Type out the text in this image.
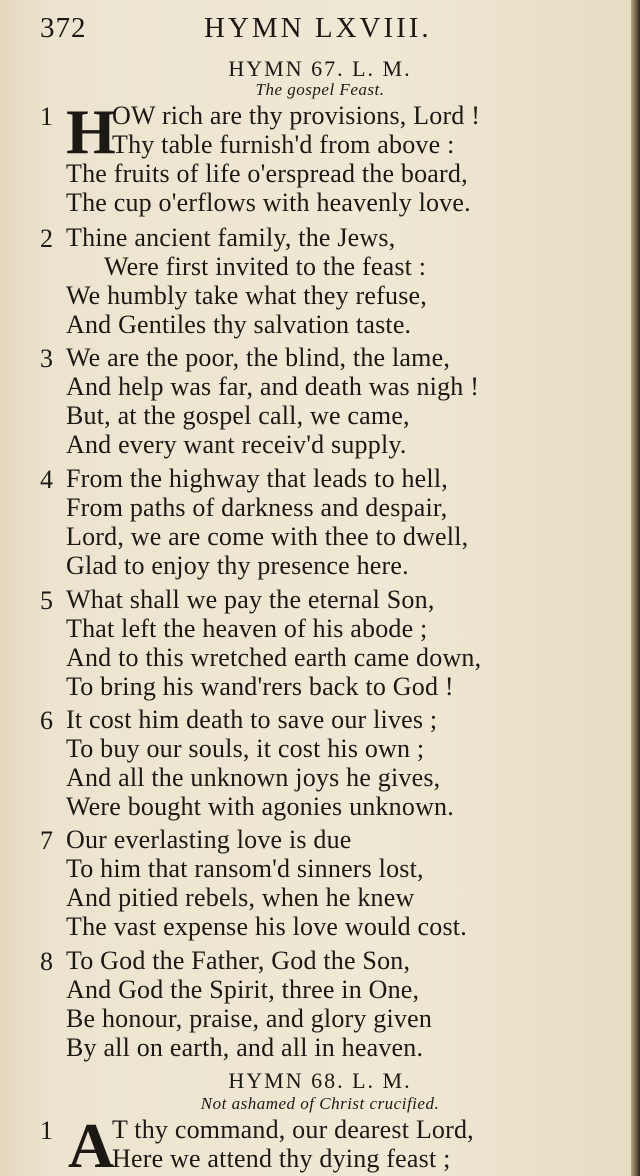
372	HYMN LXVIII.
HYMN 67. L. M.
The gospel Feast.
1 H
OW rich are thy provisions, Lord !
Thy table furnish'd from above :
The fruits of life o'erspread the board,
The cup o'erflows with heavenly love.
2 Thine ancient family, the Jews,
Were first invited to the feast :
We humbly take what they refuse,
And Gentiles thy salvation taste.
3 We are the poor, the blind, the lame,
And help was far, and death was nigh !
But, at the gospel call, we came,
And every want receiv'd supply.
4 From the highway that leads to hell,
From paths of darkness and despair,
Lord, we are come with thee to dwell,
Glad to enjoy thy presence here.
5 What shall we pay the eternal Son,
That left the heaven of his abode ;
And to this wretched earth came down,
To bring his wand'rers back to God !
6 It cost him death to save our lives ;
To buy our souls, it cost his own ;
And all the unknown joys he gives,
Were bought with agonies unknown.
7 Our everlasting love is due
To him that ransom'd sinners lost,
And pitied rebels, when he knew
The vast expense his love would cost.
8 To God the Father, God the Son,
And God the Spirit, three in One,
Be honour, praise, and glory given
By all on earth, and all in heaven.
HYMN 68. L. M.
Not ashamed of Christ crucified.
1 A T thy command, our dearest Lord,
Here we attend thy dying feast ;
